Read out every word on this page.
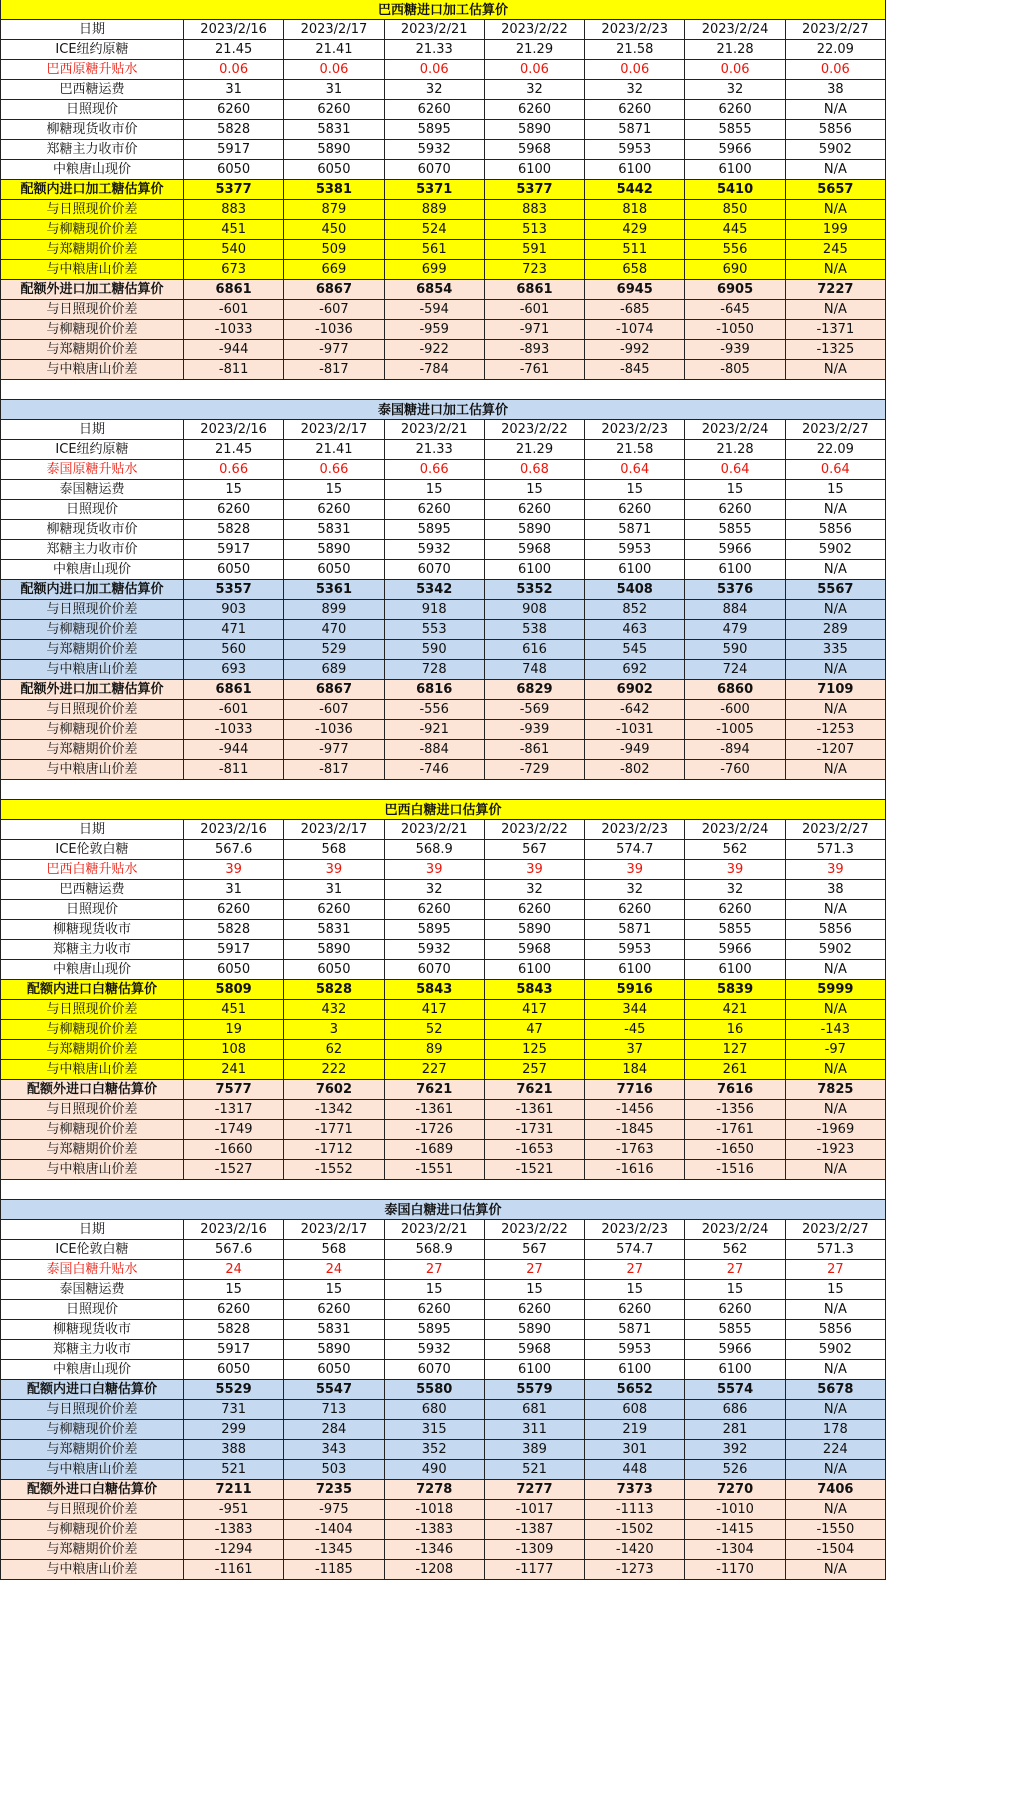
巴西糖进口加工估算价
日期	2023/2/16	2023/2/17	2023/2/21	2023/2/22	2023/2/23	2023/2/24	2023/2/27
ICE纽约原糖	21.45	21.41	21.33	21.29	21.58	21.28	22.09
巴西原糖升贴水	0.06	0.06	0.06	0.06	0.06	0.06	0.06
巴西糖运费	31	31	32	32	32	32	38
日照现价	6260	6260	6260	6260	6260	6260	N/A
柳糖现货收市价	5828	5831	5895	5890	5871	5855	5856
郑糖主力收市价	5917	5890	5932	5968	5953	5966	5902
中粮唐山现价	6050	6050	6070	6100	6100	6100	N/A
配额内进口加工糖估算价	5377	5381	5371	5377	5442	5410	5657
与日照现价价差	883	879	889	883	818	850	N/A
与柳糖现价价差	451	450	524	513	429	445	199
与郑糖期价价差	540	509	561	591	511	556	245
与中粮唐山价差	673	669	699	723	658	690	N/A
配额外进口加工糖估算价	6861	6867	6854	6861	6945	6905	7227
与日照现价价差	-601	-607	-594	-601	-685	-645	N/A
与柳糖现价价差	-1033	-1036	-959	-971	-1074	-1050	-1371
与郑糖期价价差	-944	-977	-922	-893	-992	-939	-1325
与中粮唐山价差	-811	-817	-784	-761	-845	-805	N/A
泰国糖进口加工估算价
日期	2023/2/16	2023/2/17	2023/2/21	2023/2/22	2023/2/23	2023/2/24	2023/2/27
ICE纽约原糖	21.45	21.41	21.33	21.29	21.58	21.28	22.09
泰国原糖升贴水	0.66	0.66	0.66	0.68	0.64	0.64	0.64
泰国糖运费	15	15	15	15	15	15	15
日照现价	6260	6260	6260	6260	6260	6260	N/A
柳糖现货收市价	5828	5831	5895	5890	5871	5855	5856
郑糖主力收市价	5917	5890	5932	5968	5953	5966	5902
中粮唐山现价	6050	6050	6070	6100	6100	6100	N/A
配额内进口加工糖估算价	5357	5361	5342	5352	5408	5376	5567
与日照现价价差	903	899	918	908	852	884	N/A
与柳糖现价价差	471	470	553	538	463	479	289
与郑糖期价价差	560	529	590	616	545	590	335
与中粮唐山价差	693	689	728	748	692	724	N/A
配额外进口加工糖估算价	6861	6867	6816	6829	6902	6860	7109
与日照现价价差	-601	-607	-556	-569	-642	-600	N/A
与柳糖现价价差	-1033	-1036	-921	-939	-1031	-1005	-1253
与郑糖期价价差	-944	-977	-884	-861	-949	-894	-1207
与中粮唐山价差	-811	-817	-746	-729	-802	-760	N/A
巴西白糖进口估算价
日期	2023/2/16	2023/2/17	2023/2/21	2023/2/22	2023/2/23	2023/2/24	2023/2/27
ICE伦敦白糖	567.6	568	568.9	567	574.7	562	571.3
巴西白糖升贴水	39	39	39	39	39	39	39
巴西糖运费	31	31	32	32	32	32	38
日照现价	6260	6260	6260	6260	6260	6260	N/A
柳糖现货收市	5828	5831	5895	5890	5871	5855	5856
郑糖主力收市	5917	5890	5932	5968	5953	5966	5902
中粮唐山现价	6050	6050	6070	6100	6100	6100	N/A
配额内进口白糖估算价	5809	5828	5843	5843	5916	5839	5999
与日照现价价差	451	432	417	417	344	421	N/A
与柳糖现价价差	19	3	52	47	-45	16	-143
与郑糖期价价差	108	62	89	125	37	127	-97
与中粮唐山价差	241	222	227	257	184	261	N/A
配额外进口白糖估算价	7577	7602	7621	7621	7716	7616	7825
与日照现价价差	-1317	-1342	-1361	-1361	-1456	-1356	N/A
与柳糖现价价差	-1749	-1771	-1726	-1731	-1845	-1761	-1969
与郑糖期价价差	-1660	-1712	-1689	-1653	-1763	-1650	-1923
与中粮唐山价差	-1527	-1552	-1551	-1521	-1616	-1516	N/A
泰国白糖进口估算价
日期	2023/2/16	2023/2/17	2023/2/21	2023/2/22	2023/2/23	2023/2/24	2023/2/27
ICE伦敦白糖	567.6	568	568.9	567	574.7	562	571.3
泰国白糖升贴水	24	24	27	27	27	27	27
泰国糖运费	15	15	15	15	15	15	15
日照现价	6260	6260	6260	6260	6260	6260	N/A
柳糖现货收市	5828	5831	5895	5890	5871	5855	5856
郑糖主力收市	5917	5890	5932	5968	5953	5966	5902
中粮唐山现价	6050	6050	6070	6100	6100	6100	N/A
配额内进口白糖估算价	5529	5547	5580	5579	5652	5574	5678
与日照现价价差	731	713	680	681	608	686	N/A
与柳糖现价价差	299	284	315	311	219	281	178
与郑糖期价价差	388	343	352	389	301	392	224
与中粮唐山价差	521	503	490	521	448	526	N/A
配额外进口白糖估算价	7211	7235	7278	7277	7373	7270	7406
与日照现价价差	-951	-975	-1018	-1017	-1113	-1010	N/A
与柳糖现价价差	-1383	-1404	-1383	-1387	-1502	-1415	-1550
与郑糖期价价差	-1294	-1345	-1346	-1309	-1420	-1304	-1504
与中粮唐山价差	-1161	-1185	-1208	-1177	-1273	-1170	N/A
